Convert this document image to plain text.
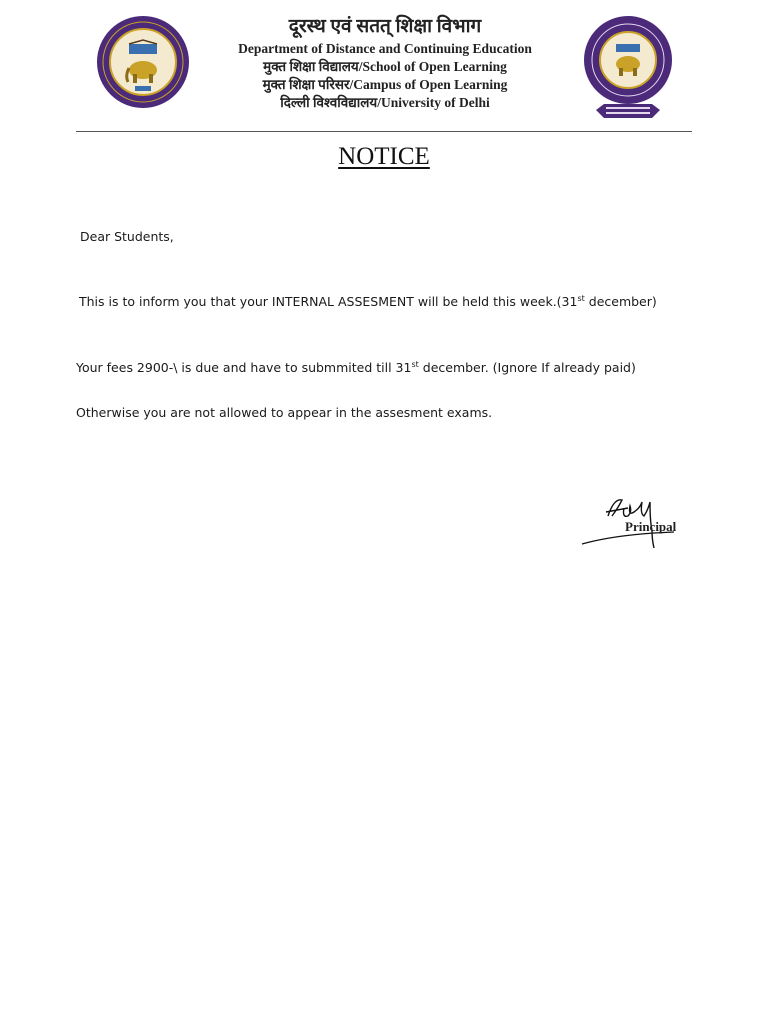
दूरस्थ एवं सतत् शिक्षा विभाग
Department of Distance and Continuing Education
मुक्त शिक्षा विद्यालय/School of Open Learning
मुक्त शिक्षा परिसर/Campus of Open Learning
दिल्ली विश्वविद्यालय/University of Delhi
NOTICE
Dear Students,
This is to inform you that your INTERNAL ASSESMENT will be held this week.(31st december)
Your fees 2900-\ is due and have to submmited till 31st december. (Ignore If already paid)
Otherwise you are not allowed to appear in the assesment exams.
Principal
